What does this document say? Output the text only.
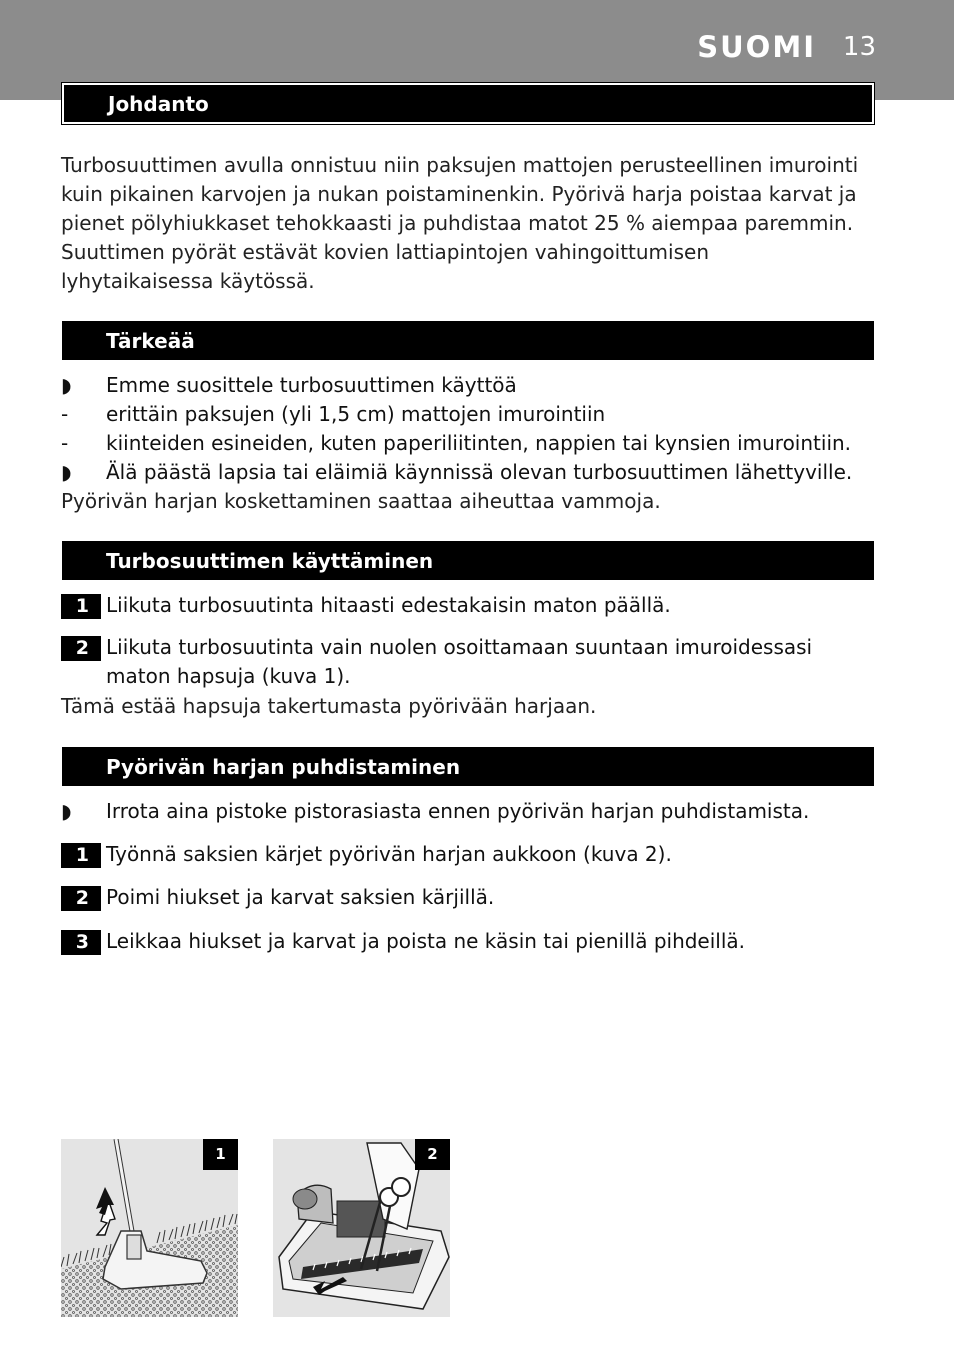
SUOMI 13
Johdanto

Turbosuuttimen avulla onnistuu niin paksujen mattojen perusteellinen imurointi kuin pikainen karvojen ja nukan poistaminenkin. Pyörivä harja poistaa karvat ja pienet pölyhiukkaset tehokkaasti ja puhdistaa matot 25 % aiempaa paremmin. Suuttimen pyörät estävät kovien lattiapintojen vahingoittumisen lyhytaikaisessa käytössä.

Tärkeää
◗	Emme suosittele turbosuuttimen käyttöä
-	erittäin paksujen (yli 1,5 cm) mattojen imurointiin
-	kiinteiden esineiden, kuten paperiliitinten, nappien tai kynsien imurointiin.
◗	Älä päästä lapsia tai eläimiä käynnissä olevan turbosuuttimen lähettyville.

Pyörivän harjan koskettaminen saattaa aiheuttaa vammoja.

Turbosuuttimen käyttäminen
1 Liikuta turbosuutinta hitaasti edestakaisin maton päällä.
2 Liikuta turbosuutinta vain nuolen osoittamaan suuntaan imuroidessasi maton hapsuja (kuva 1).

Tämä estää hapsuja takertumasta pyörivään harjaan.

Pyörivän harjan puhdistaminen
◗	Irrota aina pistoke pistorasiasta ennen pyörivän harjan puhdistamista.
1 Työnnä saksien kärjet pyörivän harjan aukkoon (kuva 2).
2 Poimi hiukset ja karvat saksien kärjillä.
3 Leikkaa hiukset ja karvat ja poista ne käsin tai pienillä pihdeillä.
1	2
